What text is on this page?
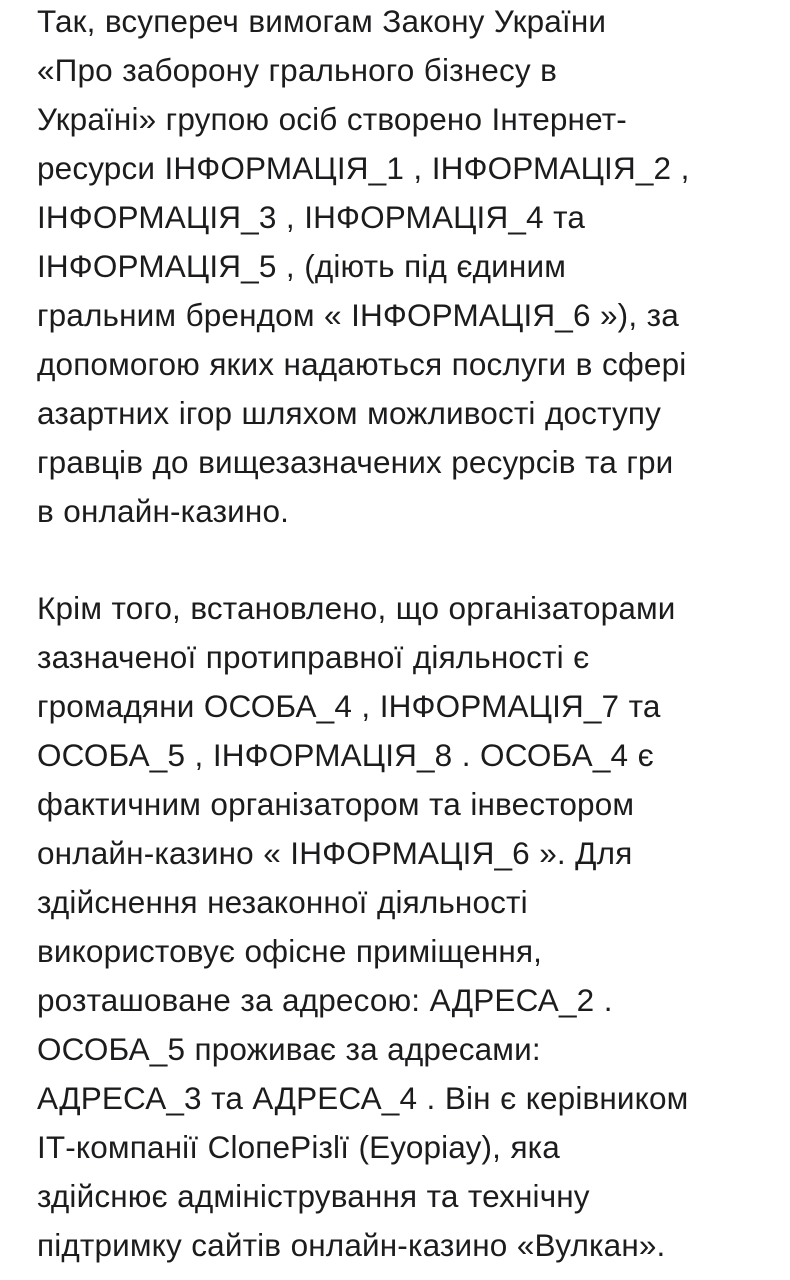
Так, всупереч вимогам Закону України
«Про заборону грального бізнесу в
Україні» групою осіб створено Інтернет-
ресурси ІНФОРМАЦІЯ_1 , ІНФОРМАЦІЯ_2 ,
ІНФОРМАЦІЯ_3 , ІНФОРМАЦІЯ_4 та
ІНФОРМАЦІЯ_5 , (діють під єдиним
гральним брендом « ІНФОРМАЦІЯ_6 »), за
допомогою яких надаються послуги в сфері
азартних ігор шляхом можливості доступу
гравців до вищезазначених ресурсів та гри
в онлайн-казино.
Крім того, встановлено, що організаторами
зазначеної протиправної діяльності є
громадяни ОСОБА_4 , ІНФОРМАЦІЯ_7 та
ОСОБА_5 , ІНФОРМАЦІЯ_8 . ОСОБА_4 є
фактичним організатором та інвестором
онлайн-казино « ІНФОРМАЦІЯ_6 ». Для
здійснення незаконної діяльності
використовує офісне приміщення,
розташоване за адресою: АДРЕСА_2 .
ОСОБА_5 проживає за адресами:
АДРЕСА_3 та АДРЕСА_4 . Він є керівником
ІТ-компанії СlопеРізlї (Еуоріау), яка
здійснює адміністрування та технічну
підтримку сайтів онлайн-казино «Вулкан».
